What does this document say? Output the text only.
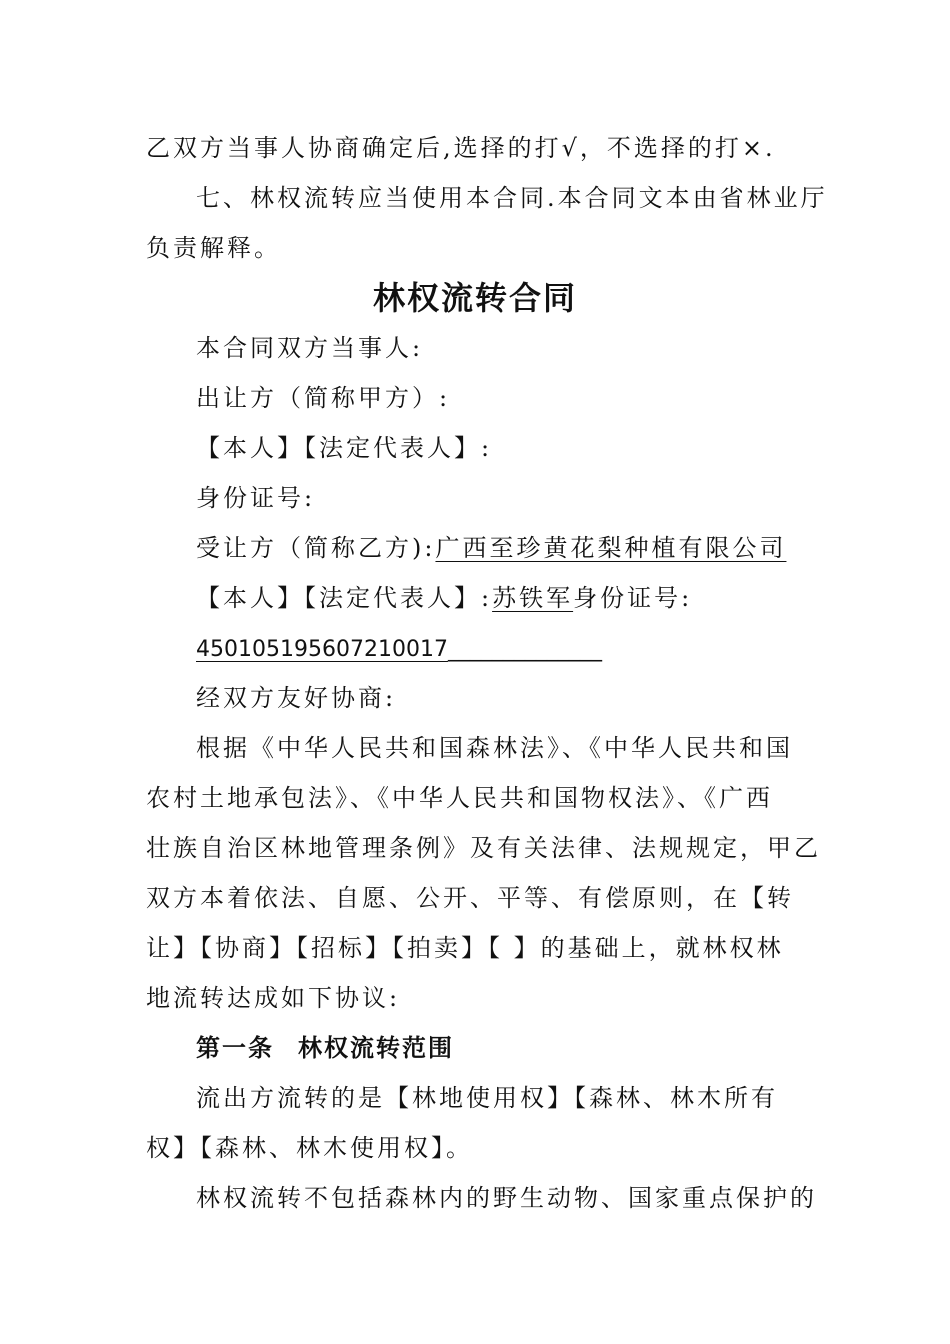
乙双方当事人协商确定后,选择的打√，不选择的打×.
七、林权流转应当使用本合同.本合同文本由省林业厅
负责解释。
林权流转合同
本合同双方当事人:
出让方（简称甲方）:
【本人】【法定代表人】:
身份证号:
受让方（简称乙方):广西至珍黄花梨种植有限公司
【本人】【法定代表人】:苏铁军身份证号:
450105195607210017______________
经双方友好协商:
根据《中华人民共和国森林法》、《中华人民共和国
农村土地承包法》、《中华人民共和国物权法》、《广西
壮族自治区林地管理条例》及有关法律、法规规定，甲乙
双方本着依法、自愿、公开、平等、有偿原则，在【转
让】【协商】【招标】【拍卖】【 】的基础上，就林权林
地流转达成如下协议:
第一条 林权流转范围
流出方流转的是【林地使用权】【森林、林木所有
权】【森林、林木使用权】。
林权流转不包括森林内的野生动物、国家重点保护的
